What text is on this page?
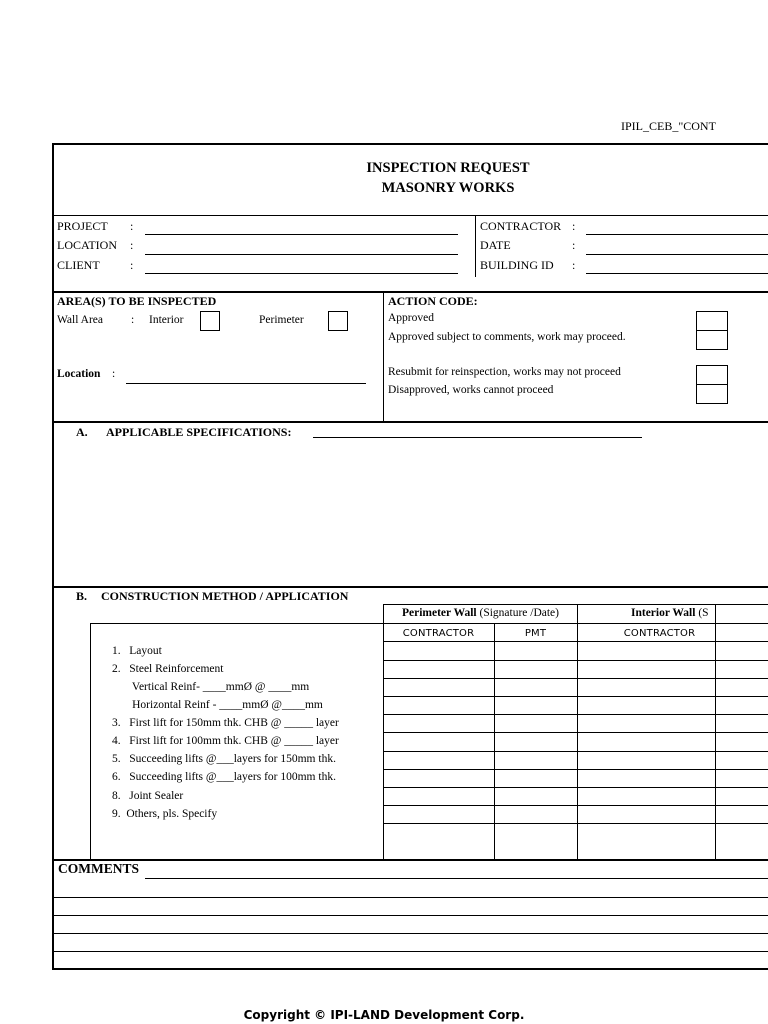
IPIL_CEB_"CONT
INSPECTION REQUEST
MASONRY WORKS
PROJECT :
LOCATION :
CLIENT	:
CONTRACTOR :
DATE	:
BUILDING ID :
AREA(S) TO BE INSPECTED
Wall Area : Interior	Perimeter
Location :
ACTION CODE:
Approved
Approved subject to comments, work may proceed.
Resubmit for reinspection, works may not proceed
Disapproved, works cannot proceed
A. APPLICABLE SPECIFICATIONS:
B. CONSTRUCTION METHOD / APPLICATION
Perimeter Wall (Signature /Date)	Interior Wall (S
CONTRACTOR	PMT	CONTRACTOR
1.   Layout
2.   Steel Reinforcement
Vertical Reinf- ____mmØ @ ____mm
Horizontal Reinf - ____mmØ @____mm
3.   First lift for 150mm thk. CHB @ _____ layer
4.   First lift for 100mm thk. CHB @ _____ layer
5.   Succeeding lifts @___layers for 150mm thk.
6.   Succeeding lifts @___layers for 100mm thk.
8.   Joint Sealer
9.  Others, pls. Specify
COMMENTS
Copyright © IPI-LAND Development Corp.
